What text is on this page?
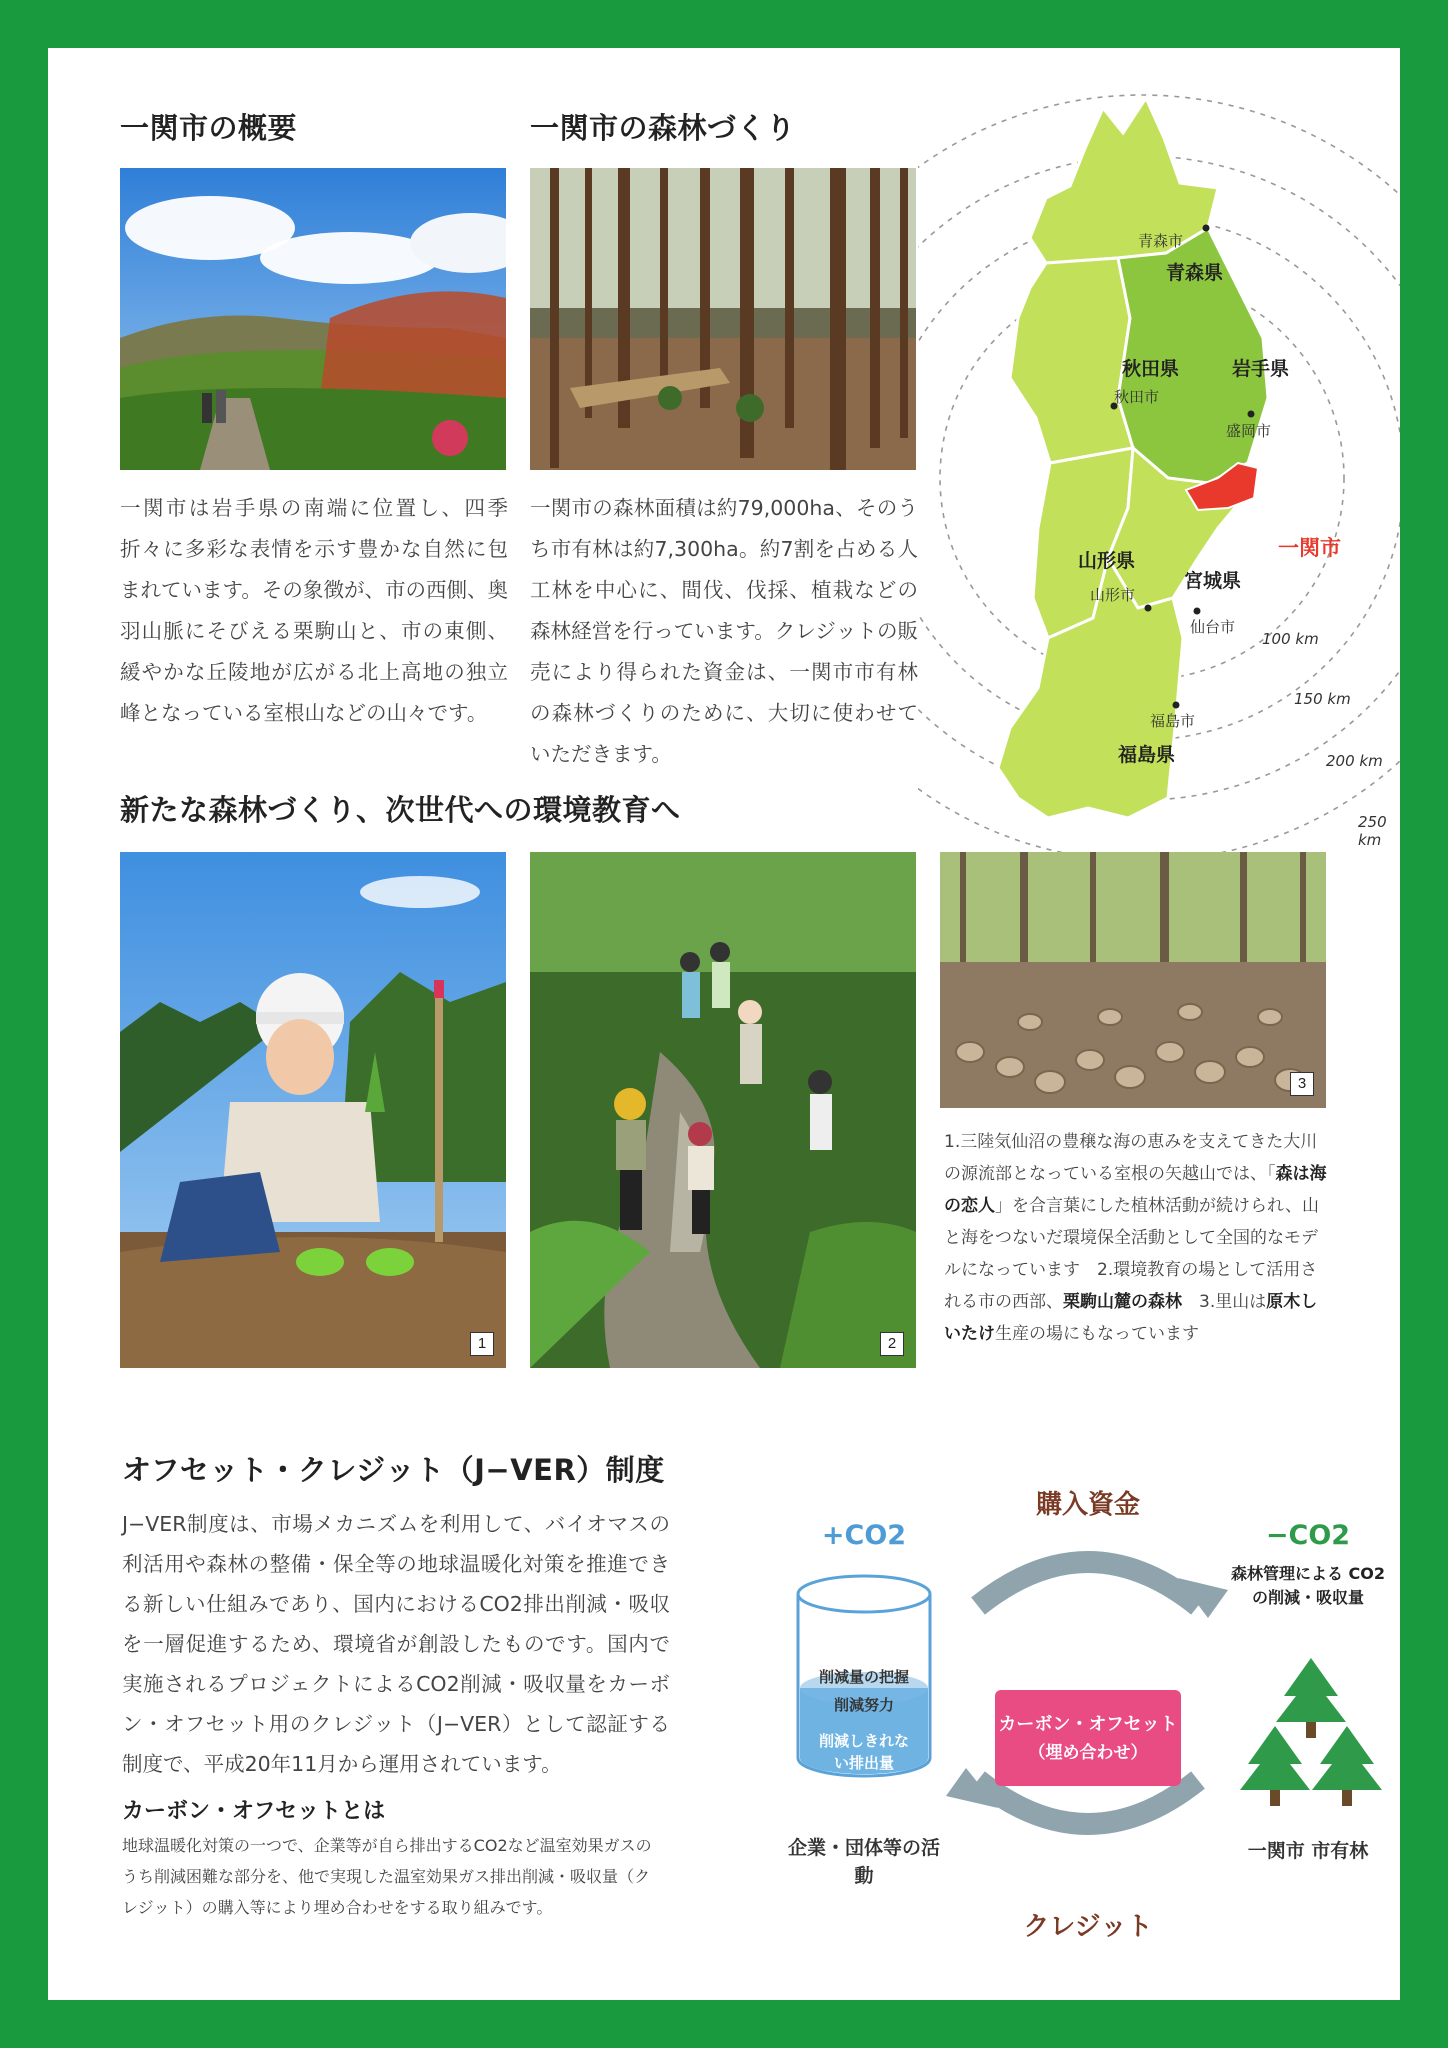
一関市の概要

一関市は岩手県の南端に位置し、四季折々に多彩な表情を示す豊かな自然に包まれています。その象徴が、市の西側、奥羽山脈にそびえる栗駒山と、市の東側、緩やかな丘陵地が広がる北上高地の独立峰となっている室根山などの山々です。

一関市の森林づくり

一関市の森林面積は約79,000ha、そのうち市有林は約7,300ha。約7割を占める人工林を中心に、間伐、伐採、植栽などの森林経営を行っています。クレジットの販売により得られた資金は、一関市市有林の森林づくりのために、大切に使わせていただきます。

青森市
青森県
秋田県
秋田市
岩手県
盛岡市
一関市
山形県
山形市
宮城県
仙台市
福島市
福島県
100 km
150 km
200 km
250 km
新たな森林づくり、次世代への環境教育へ
1	2
3

1.三陸気仙沼の豊穣な海の恵みを支えてきた大川の源流部となっている室根の矢越山では、「森は海の恋人」を合言葉にした植林活動が続けられ、山と海をつないだ環境保全活動として全国的なモデルになっています　2.環境教育の場として活用される市の西部、栗駒山麓の森林　3.里山は原木しいたけ生産の場にもなっています

オフセット・クレジット（J−VER）制度

J−VER制度は、市場メカニズムを利用して、バイオマスの利活用や森林の整備・保全等の地球温暖化対策を推進できる新しい仕組みであり、国内におけるCO2排出削減・吸収を一層促進するため、環境省が創設したものです。国内で実施されるプロジェクトによるCO2削減・吸収量をカーボン・オフセット用のクレジット（J−VER）として認証する制度で、平成20年11月から運用されています。

カーボン・オフセットとは

地球温暖化対策の一つで、企業等が自ら排出するCO2など温室効果ガスのうち削減困難な部分を、他で実現した温室効果ガス排出削減・吸収量（クレジット）の購入等により埋め合わせをする取り組みです。

+CO2
購入資金
−CO2
森林管理による CO2の削減・吸収量
削減量の把握
削減努力
削減しきれない排出量
カーボン・オフセット
（埋め合わせ）
企業・団体等の活動
一関市 市有林
クレジット
